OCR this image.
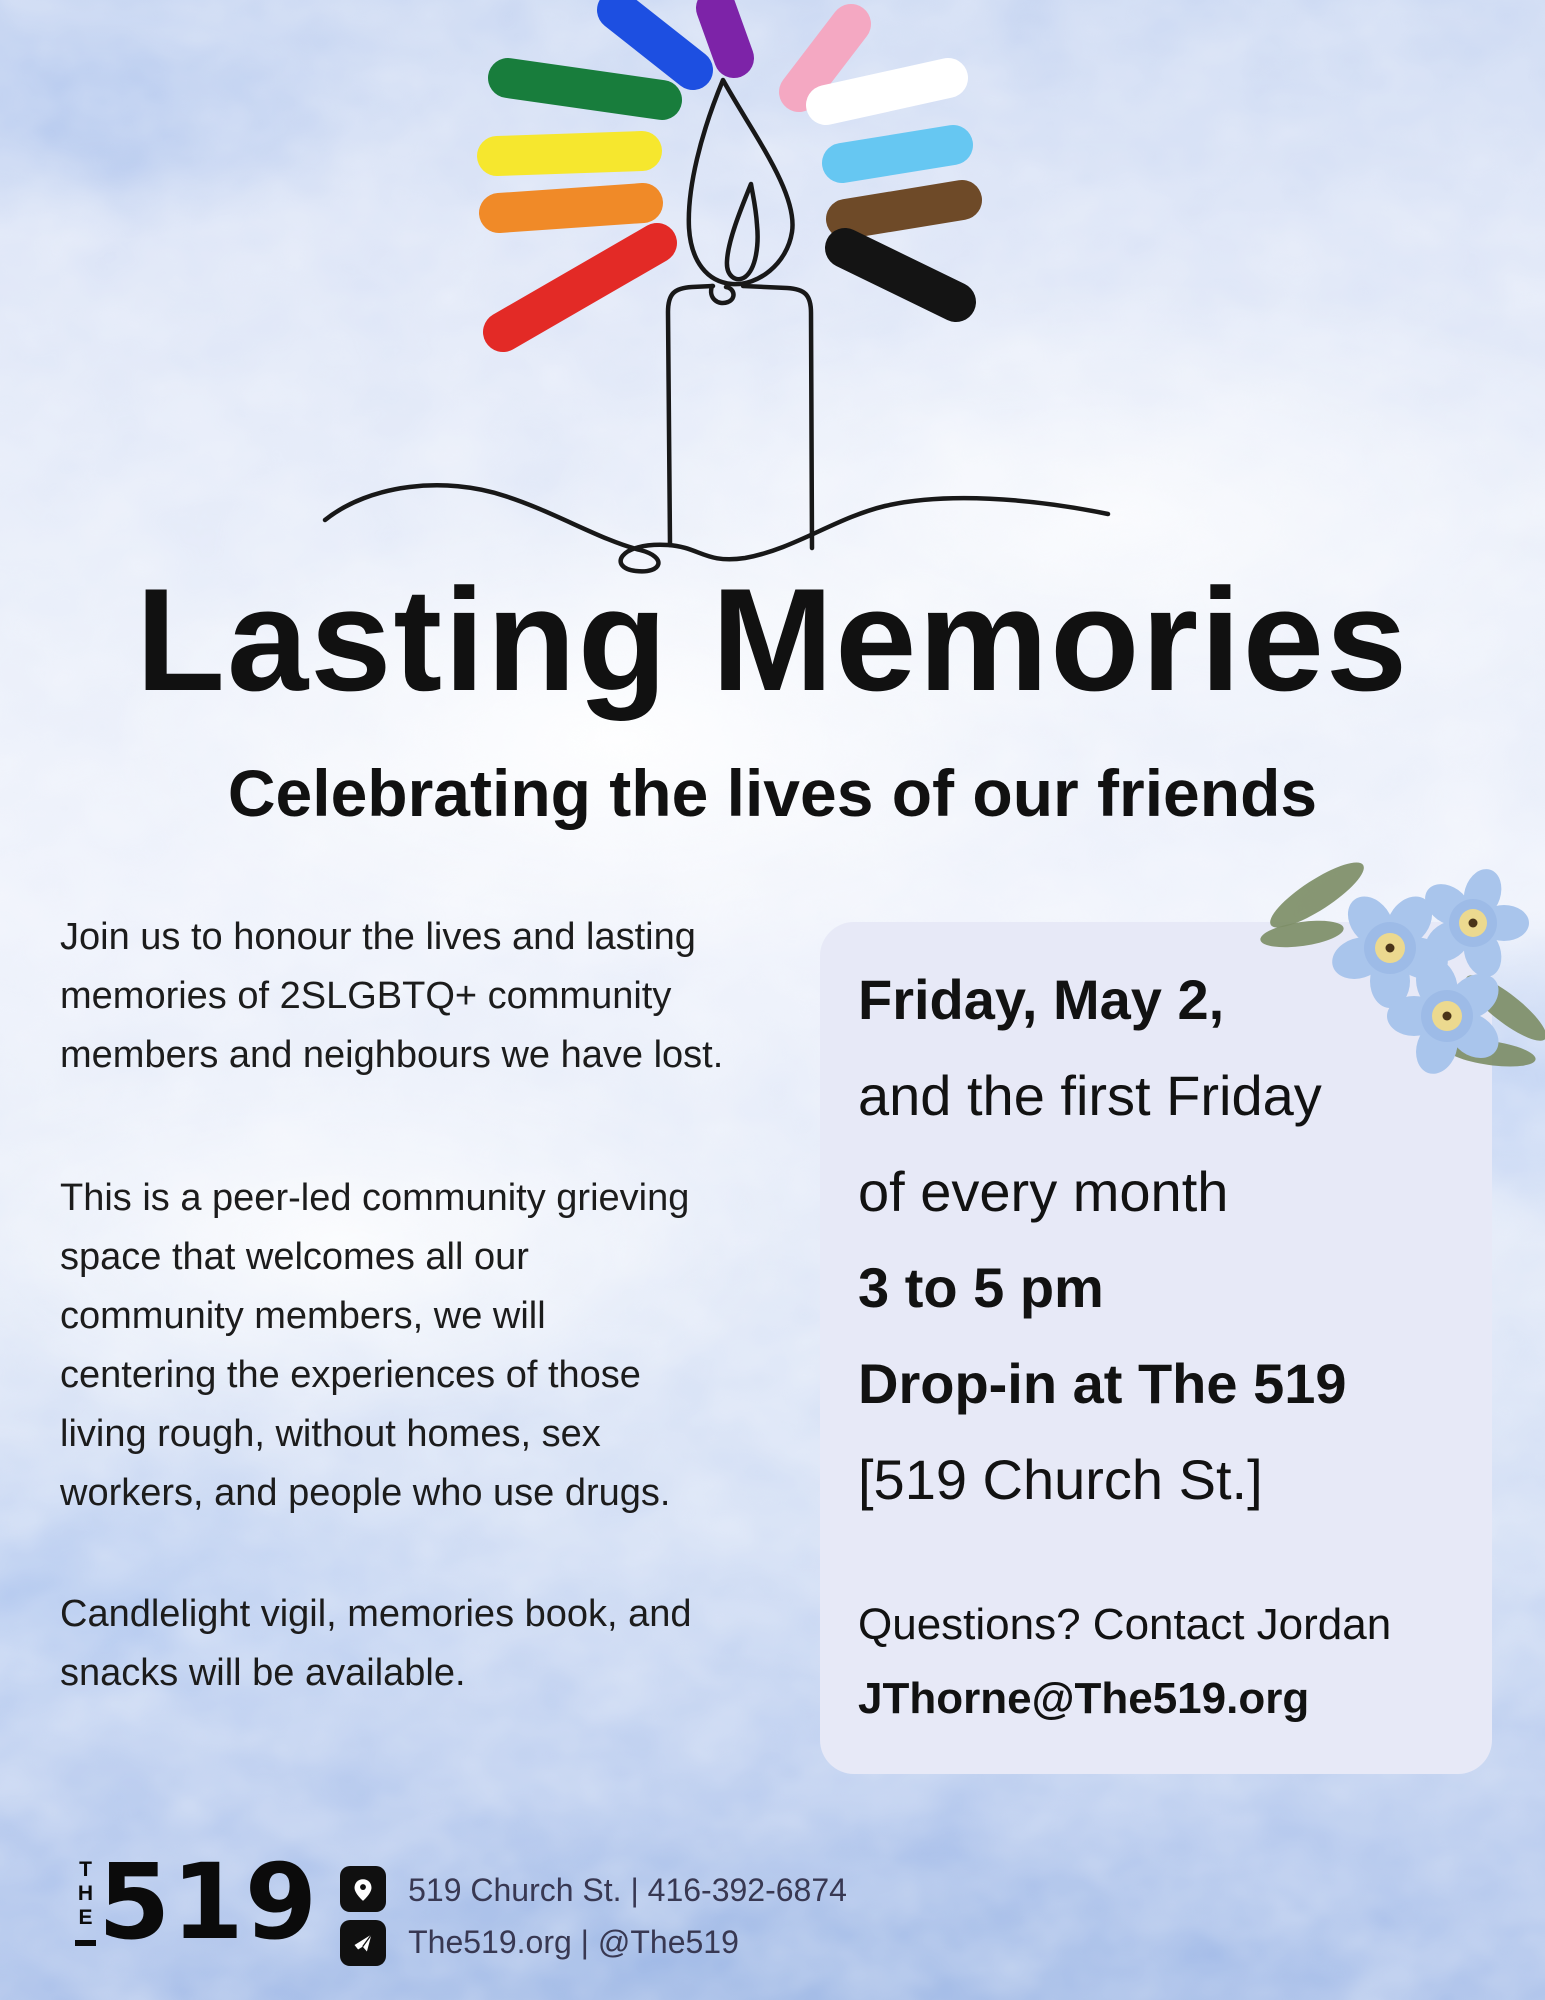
Lasting Memories
Celebrating the lives of our friends
Join us to honour the lives and lasting
memories of 2SLGBTQ+ community
members and neighbours we have lost.
This is a peer-led community grieving
space that welcomes all our
community members, we will
centering the experiences of those
living rough, without homes, sex
workers, and people who use drugs.
Candlelight vigil, memories book, and
snacks will be available.
Friday, May 2,
and the first Friday
of every month
3 to 5 pm
Drop-in at The 519
[519 Church St.]
Questions? Contact Jordan
JThorne@The519.org
THE 519	519 Church St. | 416-392-6874
The519.org | @The519
